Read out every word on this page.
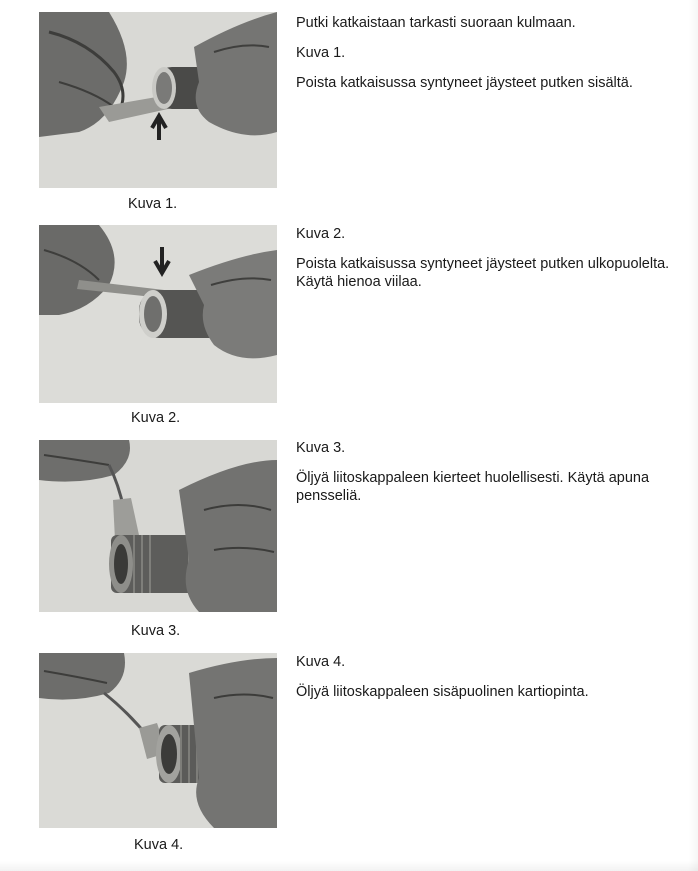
Kuva 1.

Putki katkaistaan tarkasti suoraan kulmaan.

Kuva 1.

Poista katkaisussa syntyneet jäysteet putken sisältä.

Kuva 2.

Kuva 2.

Poista katkaisussa syntyneet jäysteet putken ulkopuolelta. Käytä hienoa viilaa.

Kuva 3.

Kuva 3.

Öljyä liitoskappaleen kierteet huolellisesti. Käytä apuna pensseliä.

Kuva 4.

Kuva 4.

Öljyä liitoskappaleen sisäpuolinen kartiopinta.
